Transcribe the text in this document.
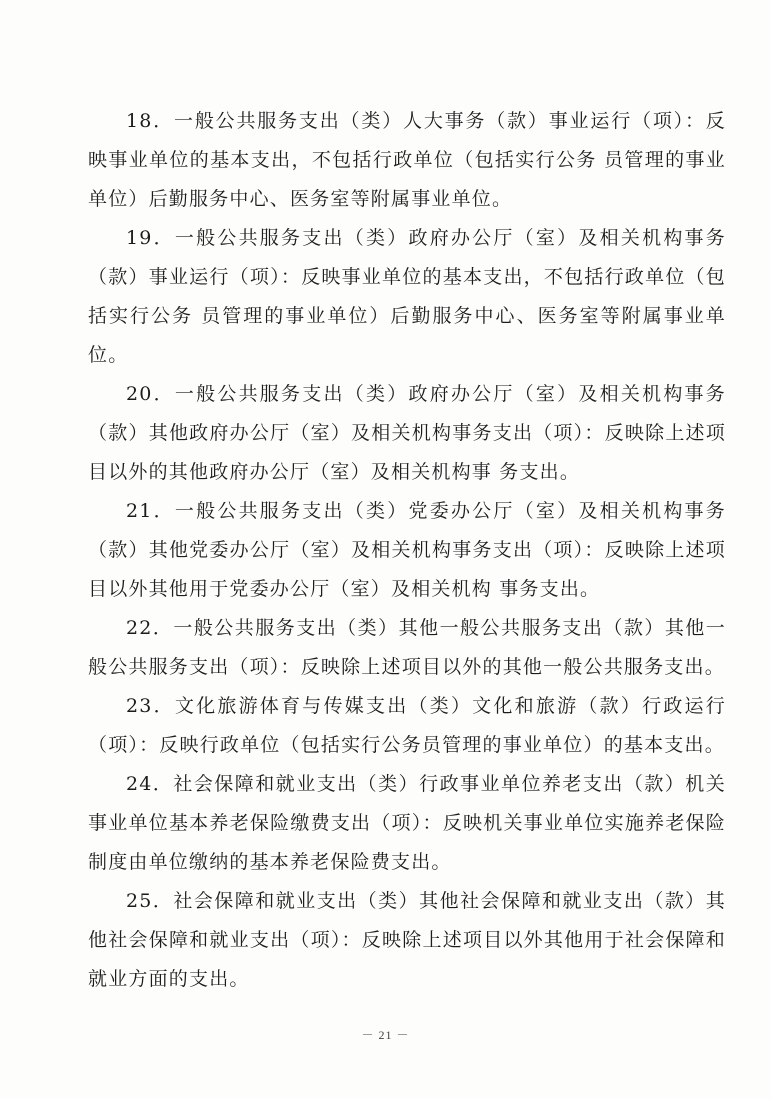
18．一般公共服务支出（类）人大事务（款）事业运行（项）：反映事业单位的基本支出，不包括行政单位（包括实行公务 员管理的事业单位）后勤服务中心、医务室等附属事业单位。

19．一般公共服务支出（类）政府办公厅（室）及相关机构事务（款）事业运行（项）：反映事业单位的基本支出，不包括行政单位（包括实行公务 员管理的事业单位）后勤服务中心、医务室等附属事业单位。

20．一般公共服务支出（类）政府办公厅（室）及相关机构事务（款）其他政府办公厅（室）及相关机构事务支出（项）：反映除上述项目以外的其他政府办公厅（室）及相关机构事 务支出。

21．一般公共服务支出（类）党委办公厅（室）及相关机构事务（款）其他党委办公厅（室）及相关机构事务支出（项）：反映除上述项目以外其他用于党委办公厅（室）及相关机构 事务支出。

22．一般公共服务支出（类）其他一般公共服务支出（款）其他一般公共服务支出（项）：反映除上述项目以外的其他一般公共服务支出。

23．文化旅游体育与传媒支出（类）文化和旅游（款）行政运行（项）：反映行政单位（包括实行公务员管理的事业单位）的基本支出。

24．社会保障和就业支出（类）行政事业单位养老支出（款）机关事业单位基本养老保险缴费支出（项）：反映机关事业单位实施养老保险制度由单位缴纳的基本养老保险费支出。

25．社会保障和就业支出（类）其他社会保障和就业支出（款）其他社会保障和就业支出（项）：反映除上述项目以外其他用于社会保障和就业方面的支出。

－ 21 －
